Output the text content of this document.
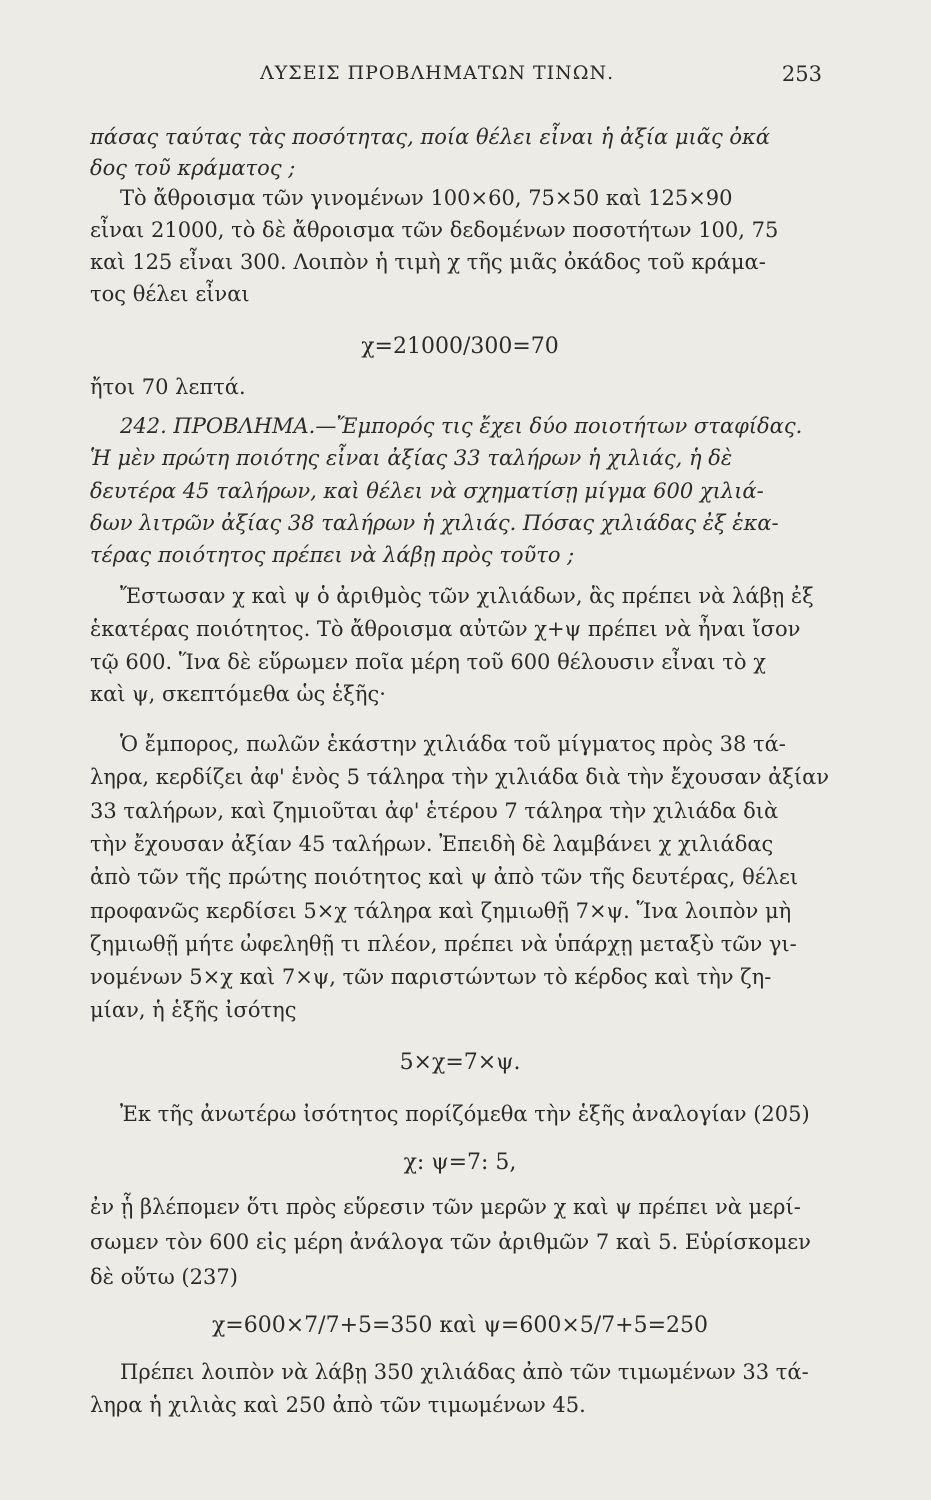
ΛΥΣΕΙΣ ΠΡΟΒΛΗΜΑΤΩΝ ΤΙΝΩΝ.	253
πάσας ταύτας τὰς ποσότητας, ποία θέλει εἶναι ἡ ἀξία μιᾶς ὀκά
δος τοῦ κράματος ;
Τὸ ἄθροισμα τῶν γινομένων 100×60, 75×50 καὶ 125×90
εἶναι 21000, τὸ δὲ ἄθροισμα τῶν δεδομένων ποσοτήτων 100, 75
καὶ 125 εἶναι 300. Λοιπὸν ἡ τιμὴ χ τῆς μιᾶς ὀκάδος τοῦ κράμα-
τος θέλει εἶναι
χ=21000/300=70
ἤτοι 70 λεπτά.
242. ΠΡΟΒΛΗΜΑ.—Ἔμπορός τις ἔχει δύο ποιοτήτων σταφίδας.
Ἡ μὲν πρώτη ποιότης εἶναι ἀξίας 33 ταλήρων ἡ χιλιάς, ἡ δὲ
δευτέρα 45 ταλήρων, καὶ θέλει νὰ σχηματίσῃ μίγμα 600 χιλιά-
δων λιτρῶν ἀξίας 38 ταλήρων ἡ χιλιάς. Πόσας χιλιάδας ἐξ ἑκα-
τέρας ποιότητος πρέπει νὰ λάβῃ πρὸς τοῦτο ;
Ἔστωσαν χ καὶ ψ ὁ ἀριθμὸς τῶν χιλιάδων, ἃς πρέπει νὰ λάβῃ ἐξ
ἑκατέρας ποιότητος. Τὸ ἄθροισμα αὐτῶν χ+ψ πρέπει νὰ ἦναι ἴσον
τῷ 600. Ἵνα δὲ εὕρωμεν ποῖα μέρη τοῦ 600 θέλουσιν εἶναι τὸ χ
καὶ ψ, σκεπτόμεθα ὡς ἑξῆς·
Ὁ ἔμπορος, πωλῶν ἑκάστην χιλιάδα τοῦ μίγματος πρὸς 38 τά-
ληρα, κερδίζει ἀφ' ἑνὸς 5 τάληρα τὴν χιλιάδα διὰ τὴν ἔχουσαν ἀξίαν
33 ταλήρων, καὶ ζημιοῦται ἀφ' ἑτέρου 7 τάληρα τὴν χιλιάδα διὰ
τὴν ἔχουσαν ἀξίαν 45 ταλήρων. Ἐπειδὴ δὲ λαμβάνει χ χιλιάδας
ἀπὸ τῶν τῆς πρώτης ποιότητος καὶ ψ ἀπὸ τῶν τῆς δευτέρας, θέλει
προφανῶς κερδίσει 5×χ τάληρα καὶ ζημιωθῇ 7×ψ. Ἵνα λοιπὸν μὴ
ζημιωθῇ μήτε ὠφεληθῇ τι πλέον, πρέπει νὰ ὑπάρχῃ μεταξὺ τῶν γι-
νομένων 5×χ καὶ 7×ψ, τῶν παριστώντων τὸ κέρδος καὶ τὴν ζη-
μίαν, ἡ ἑξῆς ἰσότης
5×χ=7×ψ.
Ἐκ τῆς ἀνωτέρω ἰσότητος πορίζόμεθα τὴν ἑξῆς ἀναλογίαν (205)
χ: ψ=7: 5,
ἐν ᾗ βλέπομεν ὅτι πρὸς εὕρεσιν τῶν μερῶν χ καὶ ψ πρέπει νὰ μερί-
σωμεν τὸν 600 εἰς μέρη ἀνάλογα τῶν ἀριθμῶν 7 καὶ 5. Εὑρίσκομεν
δὲ οὕτω (237)
χ=600×7/7+5=350 καὶ ψ=600×5/7+5=250
Πρέπει λοιπὸν νὰ λάβῃ 350 χιλιάδας ἀπὸ τῶν τιμωμένων 33 τά-
ληρα ἡ χιλιὰς καὶ 250 ἀπὸ τῶν τιμωμένων 45.
